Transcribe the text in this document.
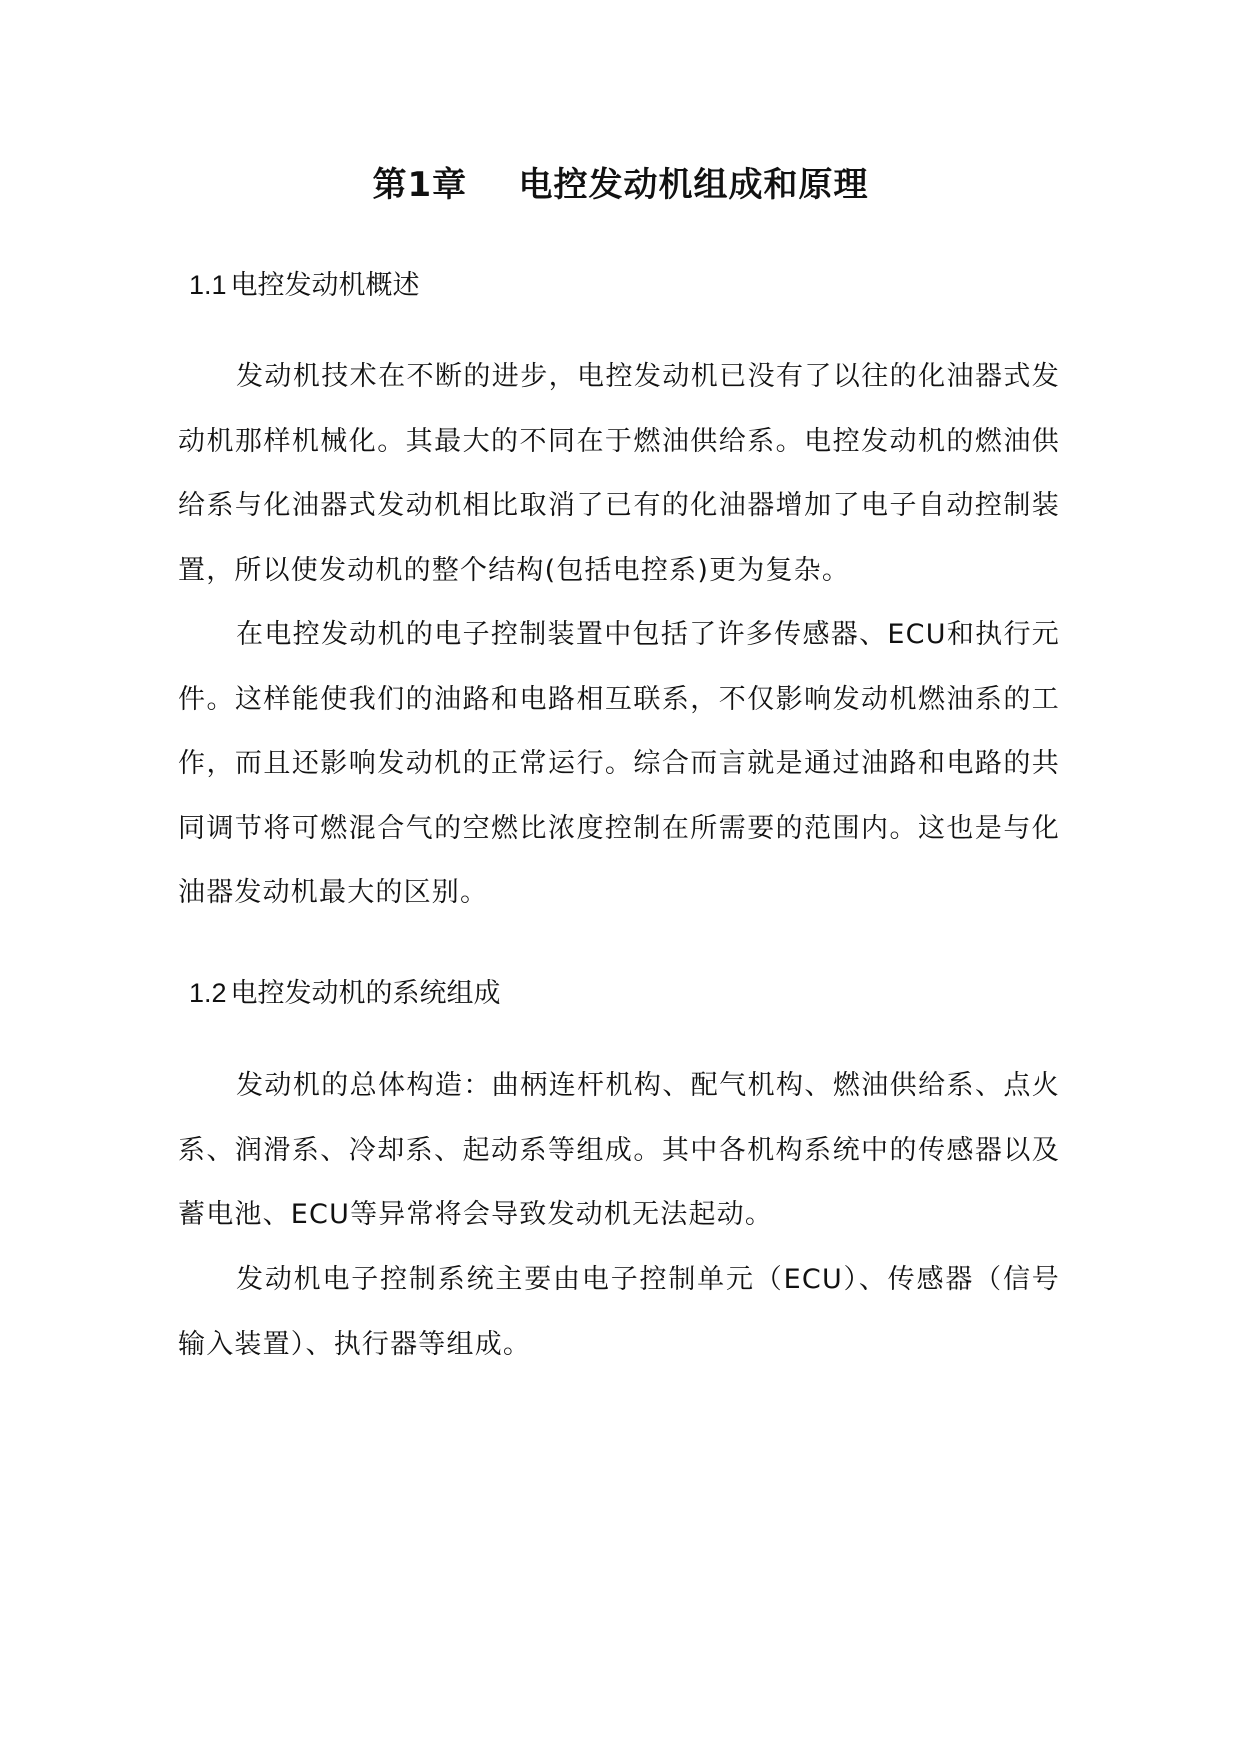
第1章    电控发动机组成和原理
1.1 电控发动机概述

发动机技术在不断的进步，电控发动机已没有了以往的化油器式发动机那样机械化。其最大的不同在于燃油供给系。电控发动机的燃油供给系与化油器式发动机相比取消了已有的化油器增加了电子自动控制装置，所以使发动机的整个结构(包括电控系)更为复杂。

在电控发动机的电子控制装置中包括了许多传感器、ECU和执行元件。这样能使我们的油路和电路相互联系，不仅影响发动机燃油系的工作，而且还影响发动机的正常运行。综合而言就是通过油路和电路的共同调节将可燃混合气的空燃比浓度控制在所需要的范围内。这也是与化油器发动机最大的区别。

1.2 电控发动机的系统组成

发动机的总体构造：曲柄连杆机构、配气机构、燃油供给系、点火系、润滑系、冷却系、起动系等组成。其中各机构系统中的传感器以及蓄电池、ECU等异常将会导致发动机无法起动。

发动机电子控制系统主要由电子控制单元（ECU）、传感器（信号输入装置）、执行器等组成。
